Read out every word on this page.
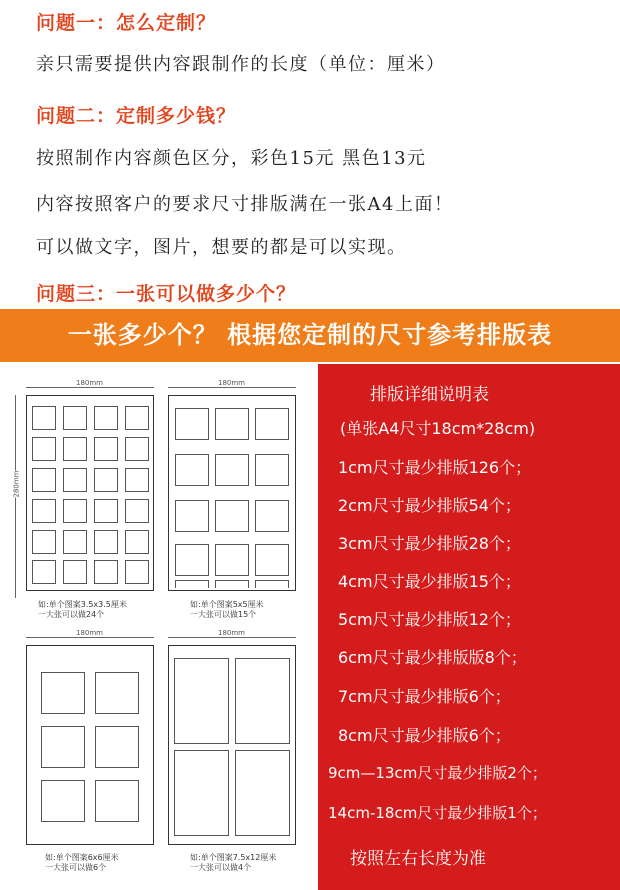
问题一：怎么定制？
亲只需要提供内容跟制作的长度（单位：厘米）
问题二：定制多少钱？
按照制作内容颜色区分，彩色15元 黑色13元
内容按照客户的要求尺寸排版满在一张A4上面！
可以做文字，图片，想要的都是可以实现。
问题三：一张可以做多少个？
一张多少个？ 根据您定制的尺寸参考排版表
180mm
280mm
如:单个图案3.5x3.5厘米
一大张可以做24个
180mm
如:单个图案5x5厘米
一大张可以做15个
180mm
如:单个图案6x6厘米
一大张可以做6个
180mm
如:单个图案7.5x12厘米
一大张可以做4个
排版详细说明表
(单张A4尺寸18cm*28cm)
1cm尺寸最少排版126个；
2cm尺寸最少排版54个；
3cm尺寸最少排版28个；
4cm尺寸最少排版15个；
5cm尺寸最少排版12个；
6cm尺寸最少排版版8个；
7cm尺寸最少排版6个；
8cm尺寸最少排版6个；
9cm—13cm尺寸最少排版2个；
14cm-18cm尺寸最少排版1个；
按照左右长度为准
